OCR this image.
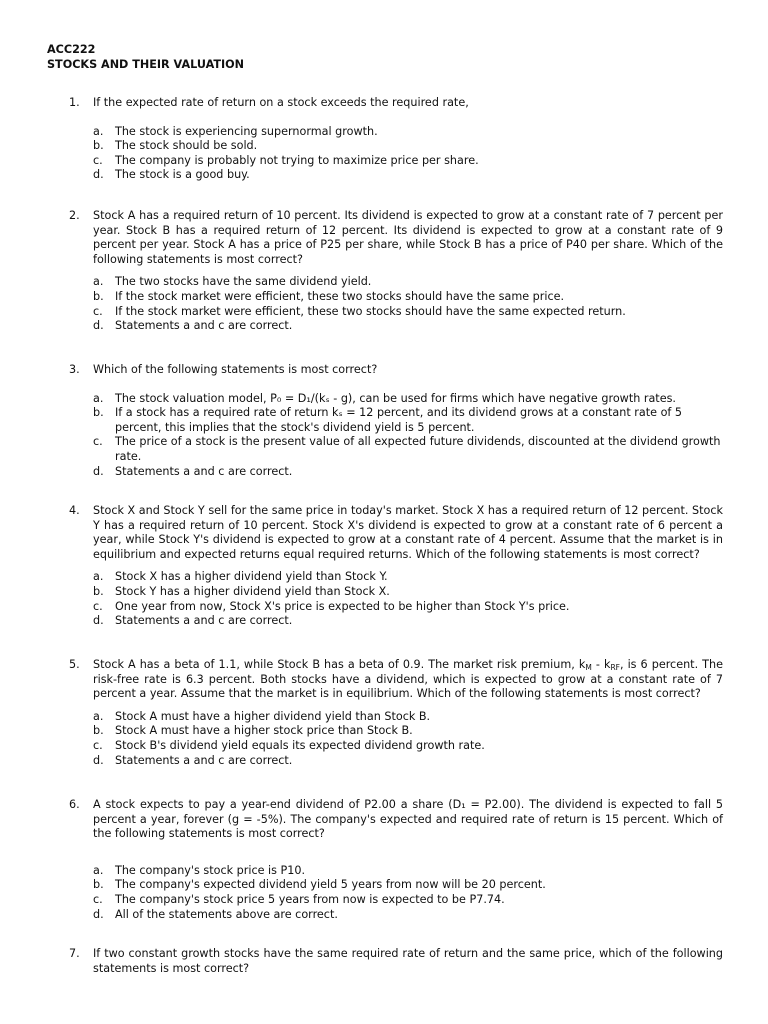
ACC222
STOCKS AND THEIR VALUATION
1.	If the expected rate of return on a stock exceeds the required rate,
a.	The stock is experiencing supernormal growth.
b.	The stock should be sold.
c.	The company is probably not trying to maximize price per share.
d.	The stock is a good buy.
2.	Stock A has a required return of 10 percent. Its dividend is expected to grow at a constant rate of 7 percent per year. Stock B has a required return of 12 percent. Its dividend is expected to grow at a constant rate of 9 percent per year. Stock A has a price of P25 per share, while Stock B has a price of P40 per share. Which of the following statements is most correct?
a.	The two stocks have the same dividend yield.
b.	If the stock market were efficient, these two stocks should have the same price.
c.	If the stock market were efficient, these two stocks should have the same expected return.
d.	Statements a and c are correct.
3.	Which of the following statements is most correct?
a.	The stock valuation model, P₀ = D₁/(kₛ - g), can be used for firms which have negative growth rates.
b.	If a stock has a required rate of return kₛ = 12 percent, and its dividend grows at a constant rate of 5 percent, this implies that the stock's dividend yield is 5 percent.
c.	The price of a stock is the present value of all expected future dividends, discounted at the dividend growth rate.
d.	Statements a and c are correct.
4.	Stock X and Stock Y sell for the same price in today's market. Stock X has a required return of 12 percent. Stock Y has a required return of 10 percent. Stock X's dividend is expected to grow at a constant rate of 6 percent a year, while Stock Y's dividend is expected to grow at a constant rate of 4 percent. Assume that the market is in equilibrium and expected returns equal required returns. Which of the following statements is most correct?
a.	Stock X has a higher dividend yield than Stock Y.
b.	Stock Y has a higher dividend yield than Stock X.
c.	One year from now, Stock X's price is expected to be higher than Stock Y's price.
d.	Statements a and c are correct.
5.	Stock A has a beta of 1.1, while Stock B has a beta of 0.9. The market risk premium, $k_M - k_{RF}$, is 6 percent. The risk-free rate is 6.3 percent. Both stocks have a dividend, which is expected to grow at a constant rate of 7 percent a year. Assume that the market is in equilibrium. Which of the following statements is most correct?
a.	Stock A must have a higher dividend yield than Stock B.
b.	Stock A must have a higher stock price than Stock B.
c.	Stock B's dividend yield equals its expected dividend growth rate.
d.	Statements a and c are correct.
6.	A stock expects to pay a year-end dividend of P2.00 a share (D₁ = P2.00). The dividend is expected to fall 5 percent a year, forever (g = -5%). The company's expected and required rate of return is 15 percent. Which of the following statements is most correct?
a.	The company's stock price is P10.
b.	The company's expected dividend yield 5 years from now will be 20 percent.
c.	The company's stock price 5 years from now is expected to be P7.74.
d.	All of the statements above are correct.
7.	If two constant growth stocks have the same required rate of return and the same price, which of the following statements is most correct?
